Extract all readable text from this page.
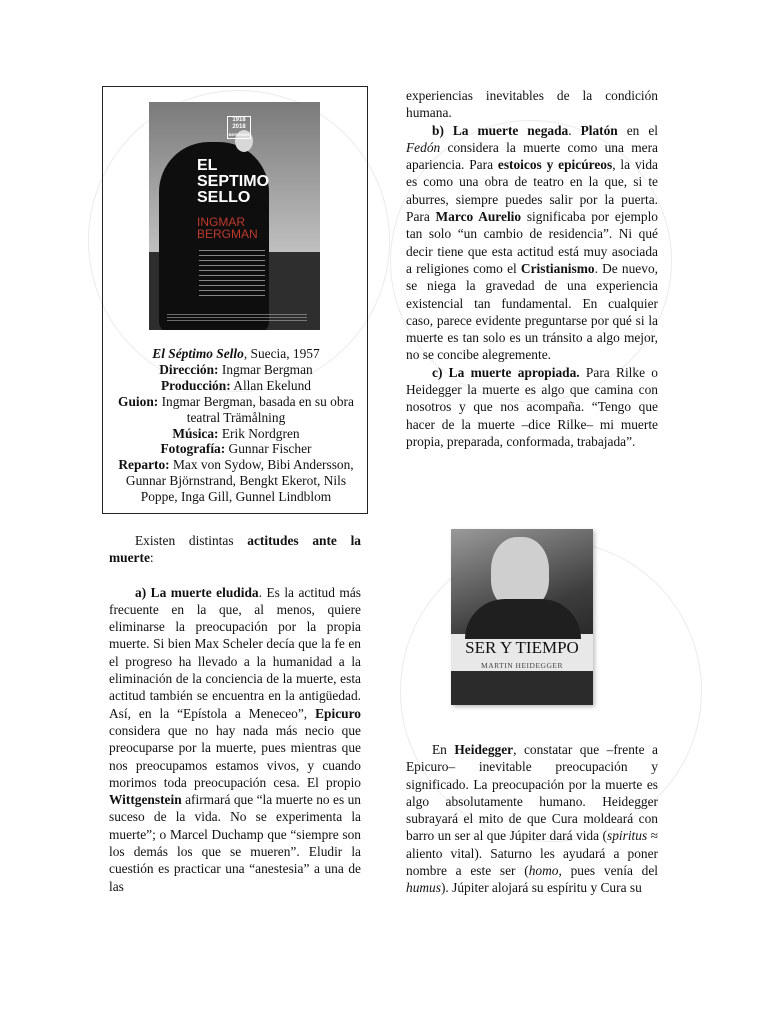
1918
2018
BERGMAN
EL
SEPTIMO
SELLO
INGMAR
BERGMAN
El Séptimo Sello, Suecia, 1957
Dirección: Ingmar Bergman
Producción: Allan Ekelund
Guion: Ingmar Bergman, basada en su obra teatral Trämålning
Música: Erik Nordgren
Fotografía: Gunnar Fischer
Reparto: Max von Sydow, Bibi Andersson, Gunnar Björnstrand, Bengkt Ekerot, Nils Poppe, Inga Gill, Gunnel Lindblom

Existen distintas actitudes ante la muerte:

a) La muerte eludida. Es la actitud más frecuente en la que, al menos, quiere eliminarse la preocupación por la propia muerte. Si bien Max Scheler decía que la fe en el progreso ha llevado a la humanidad a la eliminación de la conciencia de la muerte, esta actitud también se encuentra en la antigüedad. Así, en la “Epístola a Meneceo”, Epicuro considera que no hay nada más necio que preocuparse por la muerte, pues mientras que nos preocupamos estamos vivos, y cuando morimos toda preocupación cesa. El propio Wittgenstein afirmará que “la muerte no es un suceso de la vida. No se experimenta la muerte”; o Marcel Duchamp que “siempre son los demás los que se mueren”. Eludir la cuestión es practicar una “anestesia” a una de las

experiencias inevitables de la condición humana.

b) La muerte negada. Platón en el Fedón considera la muerte como una mera apariencia. Para estoicos y epicúreos, la vida es como una obra de teatro en la que, si te aburres, siempre puedes salir por la puerta. Para Marco Aurelio significaba por ejemplo tan solo “un cambio de residencia”. Ni qué decir tiene que esta actitud está muy asociada a religiones como el Cristianismo. De nuevo, se niega la gravedad de una experiencia existencial tan fundamental. En cualquier caso, parece evidente preguntarse por qué si la muerte es tan solo es un tránsito a algo mejor, no se concibe alegremente.

c) La muerte apropiada. Para Rilke o Heidegger la muerte es algo que camina con nosotros y que nos acompaña. “Tengo que hacer de la muerte –dice Rilke– mi muerte propia, preparada, conformada, trabajada”.

SER Y TIEMPO
MARTIN HEIDEGGER

En Heidegger, constatar que –frente a Epicuro– inevitable preocupación y significado. La preocupación por la muerte es algo absolutamente humano. Heidegger subrayará el mito de que Cura moldeará con barro un ser al que Júpiter dará vida (spiritus ≈ aliento vital). Saturno les ayudará a poner nombre a este ser (homo, pues venía del humus). Júpiter alojará su espíritu y Cura su
